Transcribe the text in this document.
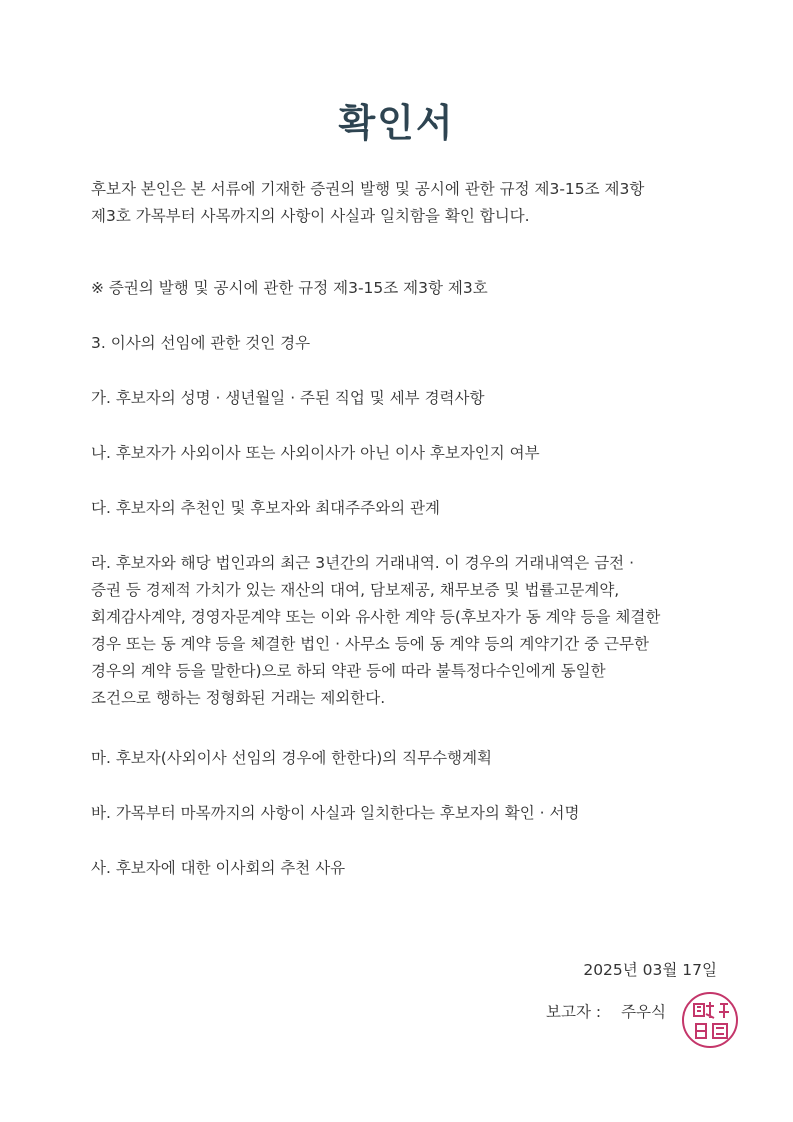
확인서
후보자 본인은 본 서류에 기재한 증권의 발행 및 공시에 관한 규정 제3-15조 제3항
제3호 가목부터 사목까지의 사항이 사실과 일치함을 확인 합니다.
※ 증권의 발행 및 공시에 관한 규정 제3-15조 제3항 제3호
3. 이사의 선임에 관한 것인 경우
가. 후보자의 성명 · 생년월일 · 주된 직업 및 세부 경력사항
나. 후보자가 사외이사 또는 사외이사가 아닌 이사 후보자인지 여부
다. 후보자의 추천인 및 후보자와 최대주주와의 관계
라. 후보자와 해당 법인과의 최근 3년간의 거래내역. 이 경우의 거래내역은 금전 ·
증권 등 경제적 가치가 있는 재산의 대여, 담보제공, 채무보증 및 법률고문계약,
회계감사계약, 경영자문계약 또는 이와 유사한 계약 등(후보자가 동 계약 등을 체결한
경우 또는 동 계약 등을 체결한 법인 · 사무소 등에 동 계약 등의 계약기간 중 근무한
경우의 계약 등을 말한다)으로 하되 약관 등에 따라 불특정다수인에게 동일한
조건으로 행하는 정형화된 거래는 제외한다.
마. 후보자(사외이사 선임의 경우에 한한다)의 직무수행계획
바. 가목부터 마목까지의 사항이 사실과 일치한다는 후보자의 확인 · 서명
사. 후보자에 대한 이사회의 추천 사유
2025년 03월 17일
보고자 : 주우식
